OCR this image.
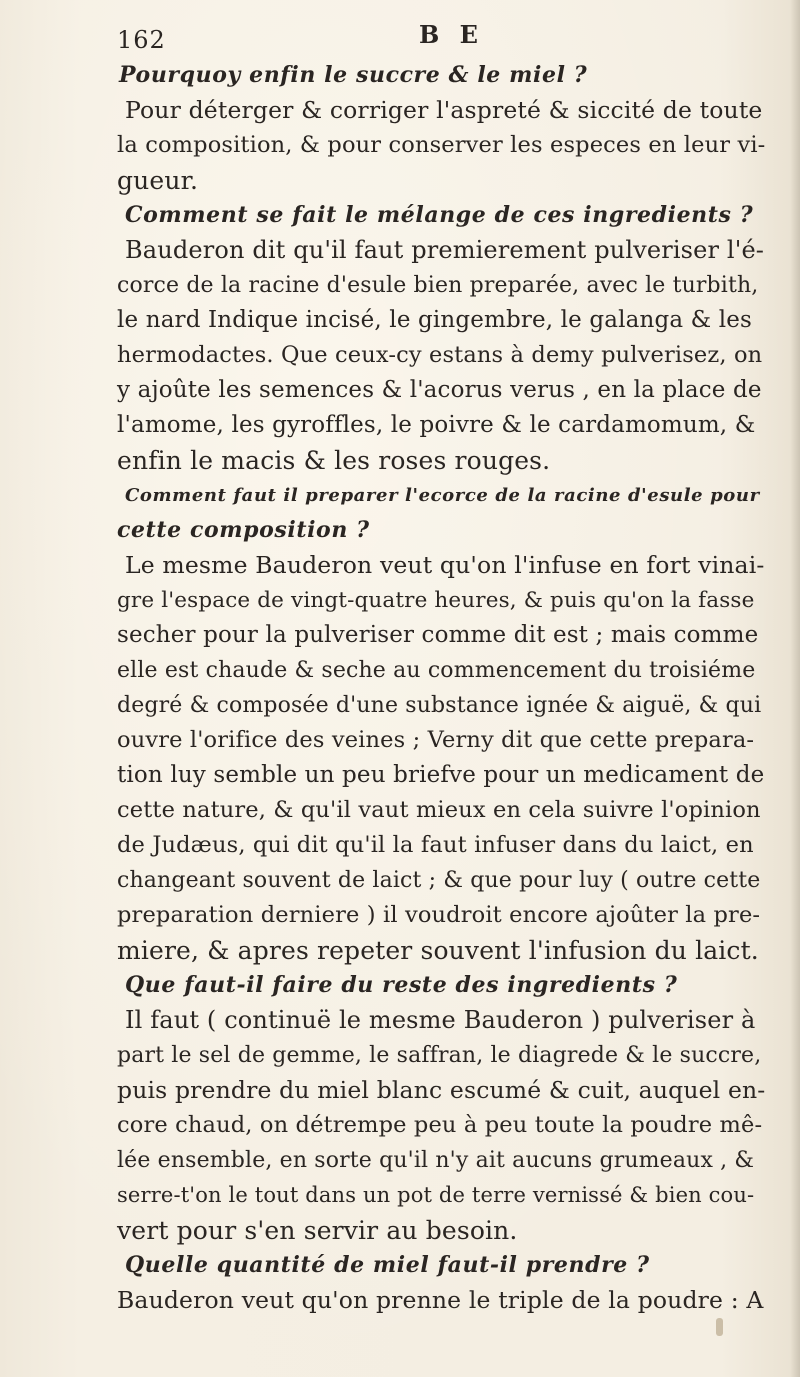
162	B E
Pourquoy enfin le succre & le miel ?
Pour déterger & corriger l'aspreté & siccité de toute
la composition, & pour conserver les especes en leur vi-
gueur.
Comment se fait le mélange de ces ingredients ?
Bauderon dit qu'il faut premierement pulveriser l'é-
corce de la racine d'esule bien preparée, avec le turbith,
le nard Indique incisé, le gingembre, le galanga & les
hermodactes. Que ceux-cy estans à demy pulverisez, on
y ajoûte les semences & l'acorus verus , en la place de
l'amome, les gyroffles, le poivre & le cardamomum, &
enfin le macis & les roses rouges.
Comment faut il preparer l'ecorce de la racine d'esule pour
cette composition ?
Le mesme Bauderon veut qu'on l'infuse en fort vinai-
gre l'espace de vingt-quatre heures, & puis qu'on la fasse
secher pour la pulveriser comme dit est ; mais comme
elle est chaude & seche au commencement du troisiéme
degré & composée d'une substance ignée & aiguë, & qui
ouvre l'orifice des veines ; Verny dit que cette prepara-
tion luy semble un peu briefve pour un medicament de
cette nature, & qu'il vaut mieux en cela suivre l'opinion
de Judæus, qui dit qu'il la faut infuser dans du laict, en
changeant souvent de laict ; & que pour luy ( outre cette
preparation derniere ) il voudroit encore ajoûter la pre-
miere, & apres repeter souvent l'infusion du laict.
Que faut-il faire du reste des ingredients ?
Il faut ( continuë le mesme Bauderon ) pulveriser à
part le sel de gemme, le saffran, le diagrede & le succre,
puis prendre du miel blanc escumé & cuit, auquel en-
core chaud, on détrempe peu à peu toute la poudre mê-
lée ensemble, en sorte qu'il n'y ait aucuns grumeaux , &
serre-t'on le tout dans un pot de terre vernissé & bien cou-
vert pour s'en servir au besoin.
Quelle quantité de miel faut-il prendre ?
Bauderon veut qu'on prenne le triple de la poudre : A
